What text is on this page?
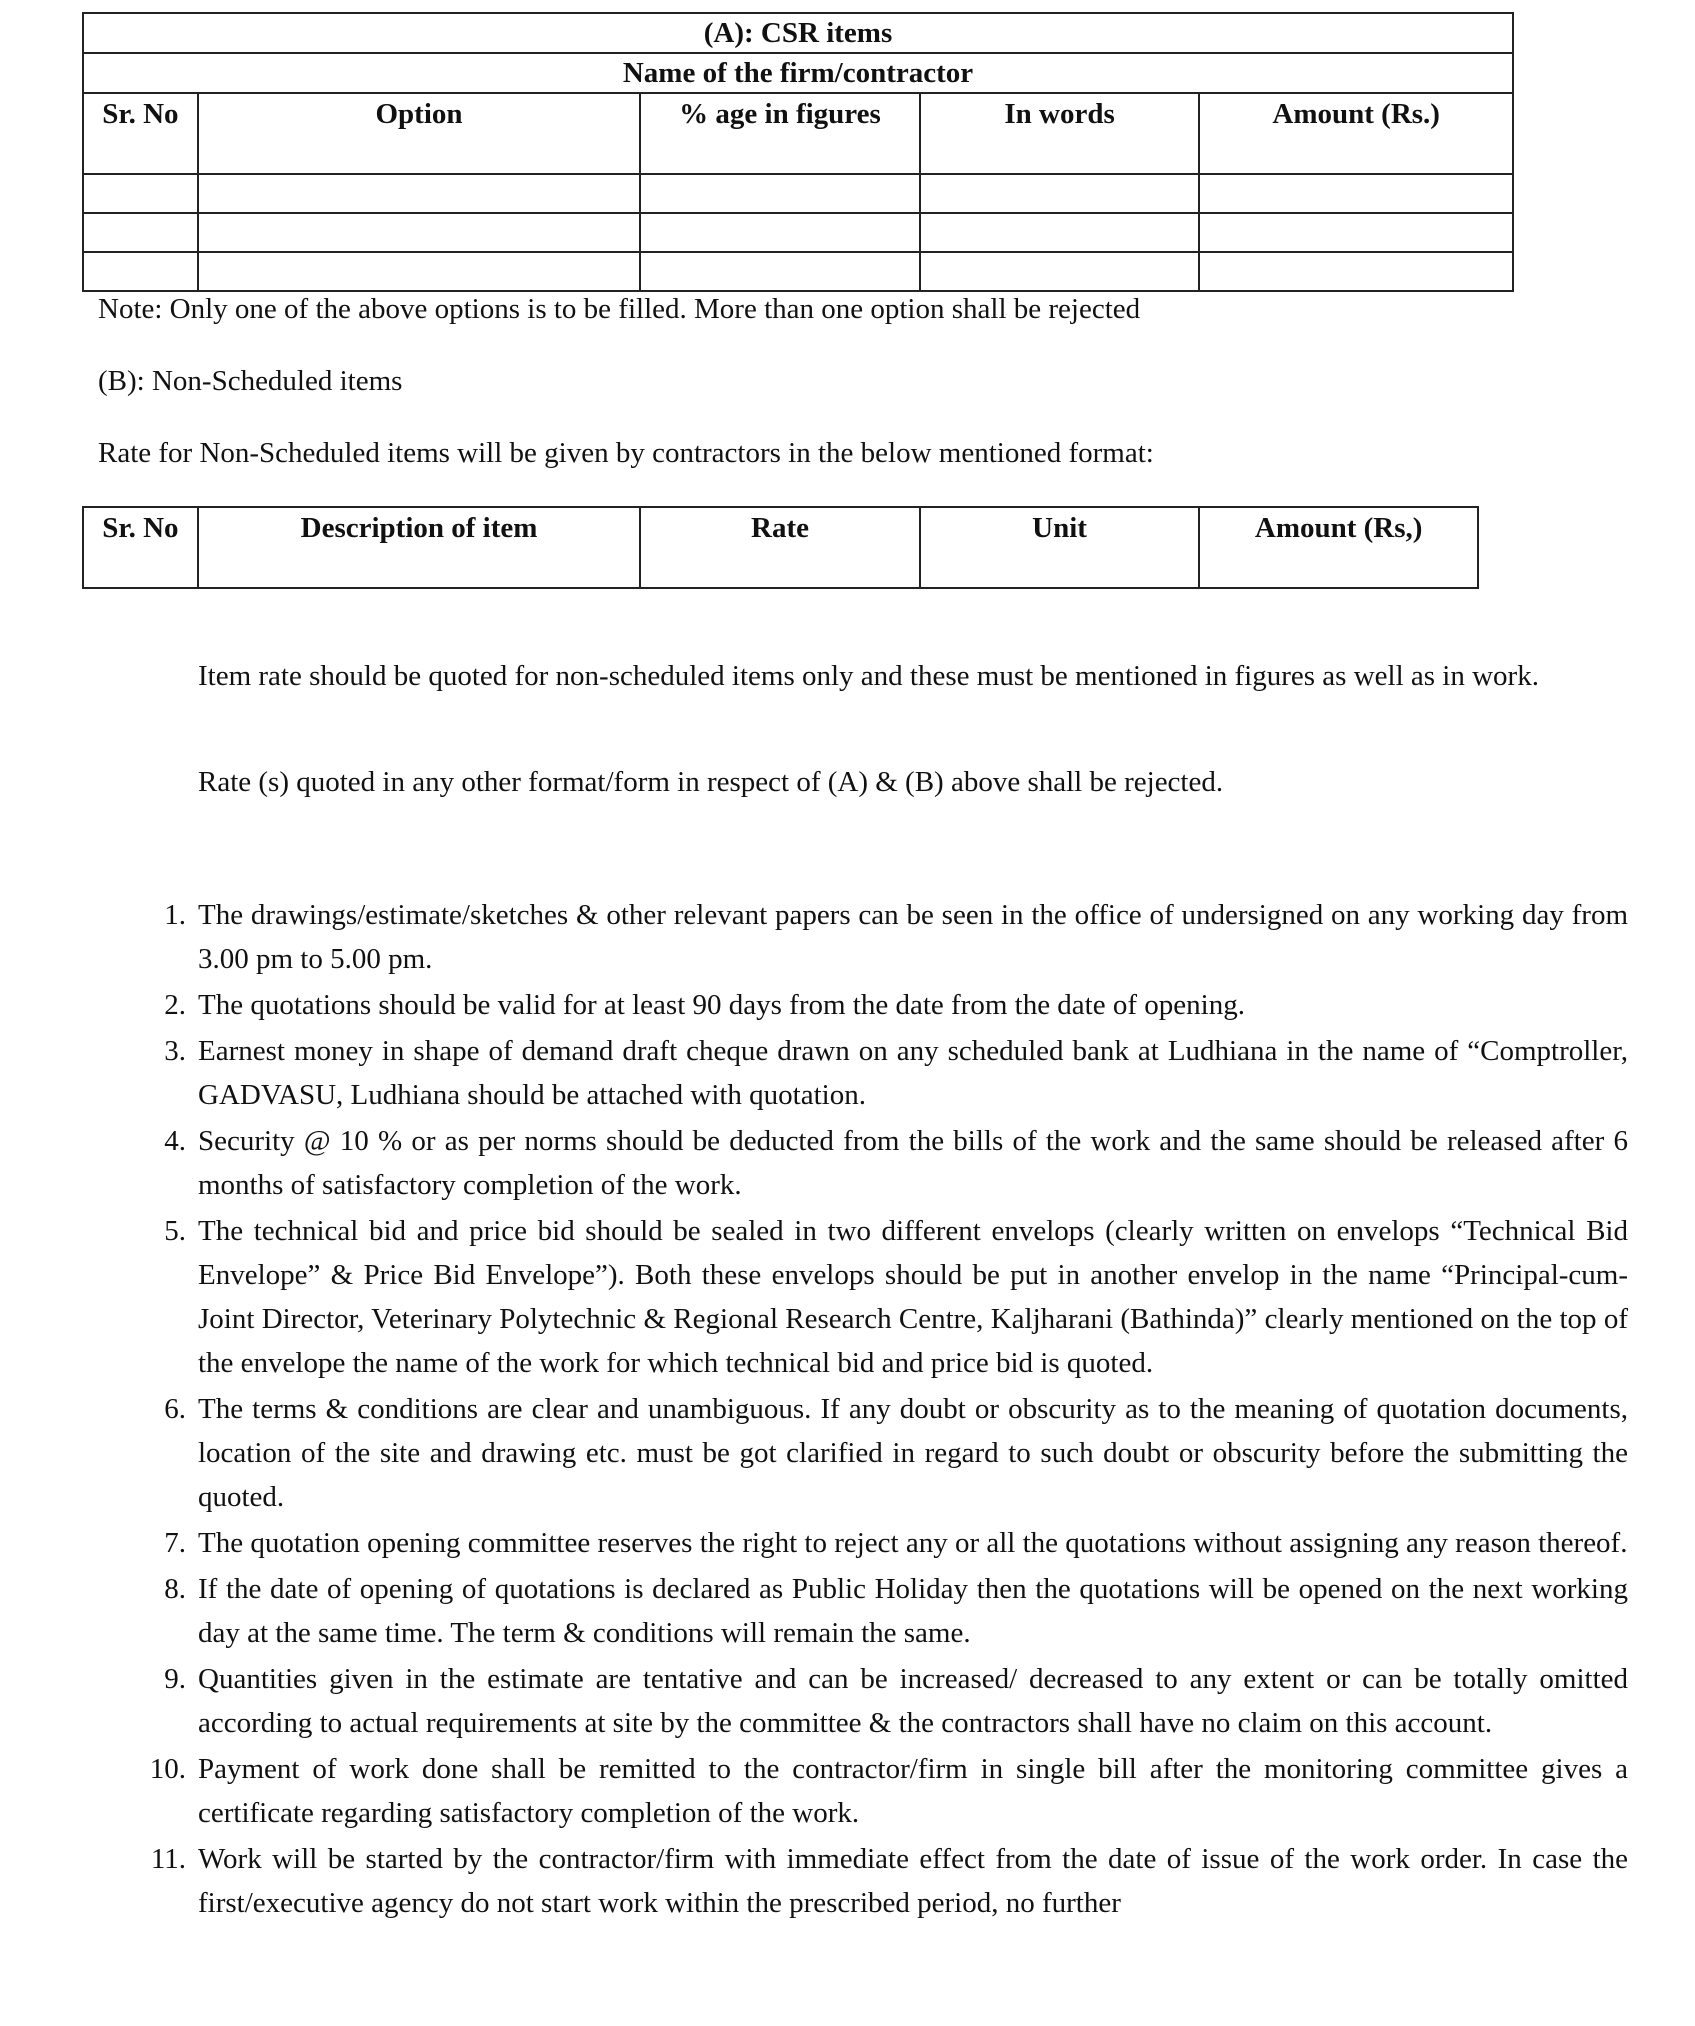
(A): CSR items				
Name of the firm/contractor				
Sr. No	Option	% age in figures	In words	Amount (Rs.)

Note: Only one of the above options is to be filled. More than one option shall be rejected

(B): Non-Scheduled items

Rate for Non-Scheduled items will be given by contractors in the below mentioned format:

Sr. No	Description of item	Rate	Unit	Amount (Rs,)

Item rate should be quoted for non-scheduled items only and these must be mentioned in figures as well as in work.

Rate (s) quoted in any other format/form in respect of (A) & (B) above shall be rejected.

1. The drawings/estimate/sketches & other relevant papers can be seen in the office of undersigned on any working day from 3.00 pm to 5.00 pm.
2. The quotations should be valid for at least 90 days from the date from the date of opening.
3. Earnest money in shape of demand draft cheque drawn on any scheduled bank at Ludhiana in the name of “Comptroller, GADVASU, Ludhiana should be attached with quotation.
4. Security @ 10 % or as per norms should be deducted from the bills of the work and the same should be released after 6 months of satisfactory completion of the work.
5. The technical bid and price bid should be sealed in two different envelops (clearly written on envelops “Technical Bid Envelope” & Price Bid Envelope”). Both these envelops should be put in another envelop in the name “Principal-cum-Joint Director, Veterinary Polytechnic & Regional Research Centre, Kaljharani (Bathinda)” clearly mentioned on the top of the envelope the name of the work for which technical bid and price bid is quoted.
6. The terms & conditions are clear and unambiguous. If any doubt or obscurity as to the meaning of quotation documents, location of the site and drawing etc. must be got clarified in regard to such doubt or obscurity before the submitting the quoted.
7. The quotation opening committee reserves the right to reject any or all the quotations without assigning any reason thereof.
8. If the date of opening of quotations is declared as Public Holiday then the quotations will be opened on the next working day at the same time. The term & conditions will remain the same.
9. Quantities given in the estimate are tentative and can be increased/ decreased to any extent or can be totally omitted according to actual requirements at site by the committee & the contractors shall have no claim on this account.
10. Payment of work done shall be remitted to the contractor/firm in single bill after the monitoring committee gives a certificate regarding satisfactory completion of the work.
11. Work will be started by the contractor/firm with immediate effect from the date of issue of the work order. In case the first/executive agency do not start work within the prescribed period, no further
